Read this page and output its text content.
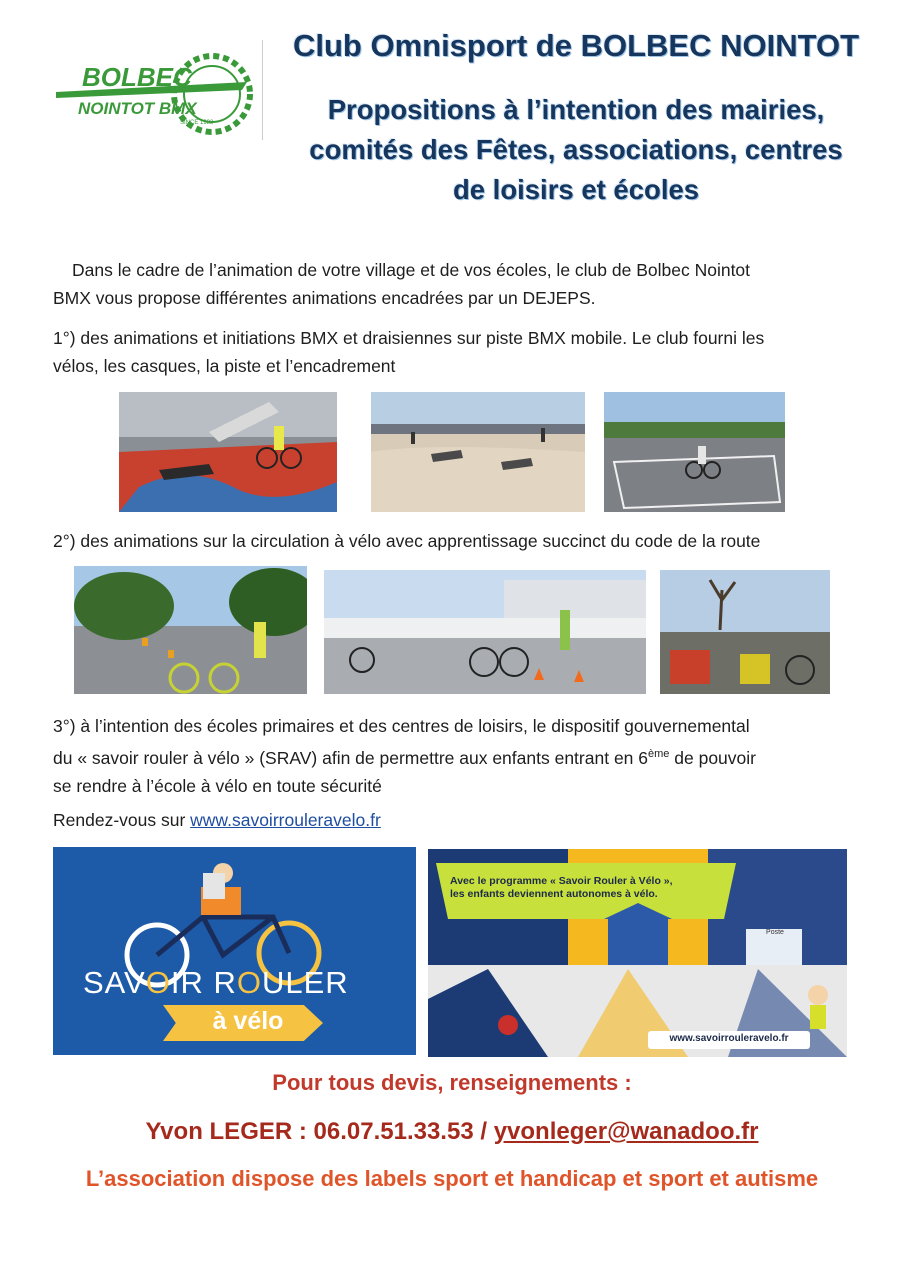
BOLBEC
NOINTOT BMX
SINCE 1982
Club Omnisport de BOLBEC NOINTOT
Propositions à l’intention des mairies,
comités des Fêtes, associations, centres
de loisirs et écoles
Dans le cadre de l’animation de votre village et de vos écoles, le club de Bolbec Nointot
BMX vous propose différentes animations encadrées par un DEJEPS.
1°) des animations et initiations BMX et draisiennes sur piste BMX mobile. Le club fourni les
vélos, les casques, la piste et l’encadrement
2°) des animations sur la circulation à vélo avec apprentissage succinct du code de la route
3°) à l’intention des écoles primaires et des centres de loisirs, le dispositif gouvernemental
du « savoir rouler à vélo » (SRAV) afin de permettre aux enfants entrant en 6ème de pouvoir
se rendre à l’école à vélo en toute sécurité
Rendez-vous sur www.savoirrouleravelo.fr
SAVOIR ROULER
à vélo
Avec le programme « Savoir Rouler à Vélo »,
les enfants deviennent autonomes à vélo.
Poste
www.savoirrouleravelo.fr
Pour tous devis, renseignements :
Yvon LEGER : 06.07.51.33.53 / yvonleger@wanadoo.fr
L’association dispose des labels sport et handicap et sport et autisme
